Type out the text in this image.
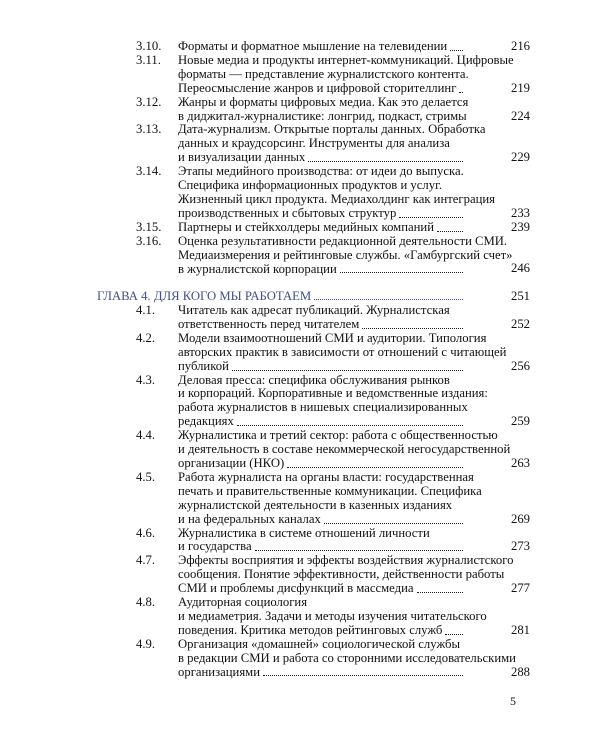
3.10. Форматы и форматное мышление на телевидении	216
3.11. Новые медиа и продукты интернет-коммуникаций. Цифровые
форматы — представление журналистского контента.
Переосмысление жанров и цифровой сторителлинг	219
3.12. Жанры и форматы цифровых медиа. Как это делается
в диджитал-журналистике: лонгрид, подкаст, стримы	224
3.13. Дата-журнализм. Открытые порталы данных. Обработка
данных и краудсорсинг. Инструменты для анализа
и визуализации данных	229
3.14. Этапы медийного производства: от идеи до выпуска.
Специфика информационных продуктов и услуг.
Жизненный цикл продукта. Медиахолдинг как интеграция
производственных и сбытовых структур	233
3.15. Партнеры и стейкхолдеры медийных компаний	239
3.16. Оценка результативности редакционной деятельности СМИ.
Медиаизмерения и рейтинговые службы. «Гамбургский счет»
в журналистской корпорации	246
ГЛАВА 4. ДЛЯ КОГО МЫ РАБОТАЕМ	251
4.1. Читатель как адресат публикаций. Журналистская
ответственность перед читателем	252
4.2. Модели взаимоотношений СМИ и аудитории. Типология
авторских практик в зависимости от отношений с читающей
публикой	256
4.3. Деловая пресса: специфика обслуживания рынков
и корпораций. Корпоративные и ведомственные издания:
работа журналистов в нишевых специализированных
редакциях	259
4.4. Журналистика и третий сектор: работа с общественностью
и деятельность в составе некоммерческой негосударственной
организации (НКО)	263
4.5. Работа журналиста на органы власти: государственная
печать и правительственные коммуникации. Специфика
журналистской деятельности в казенных изданиях
и на федеральных каналах	269
4.6. Журналистика в системе отношений личности
и государства	273
4.7. Эффекты восприятия и эффекты воздействия журналистского
сообщения. Понятие эффективности, действенности работы
СМИ и проблемы дисфункций в массмедиа	277
4.8. Аудиторная социология
и медиаметрия. Задачи и методы изучения читательского
поведения. Критика методов рейтинговых служб	281
4.9. Организация «домашней» социологической службы
в редакции СМИ и работа со сторонними исследовательскими
организациями	288
5
